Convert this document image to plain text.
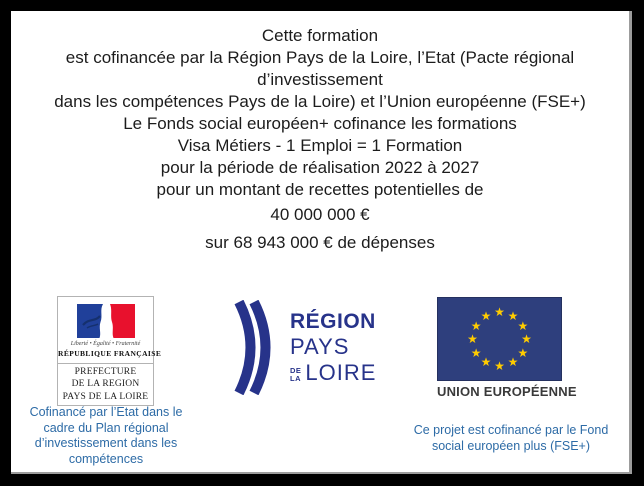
Cette formation
est cofinancée par la Région Pays de la Loire, l’Etat (Pacte régional d’investissement
dans les compétences Pays de la Loire) et l’Union européenne (FSE+)
Le Fonds social européen+ cofinance les formations
Visa Métiers - 1 Emploi = 1 Formation
pour la période de réalisation 2022 à 2027
pour un montant de recettes potentielles de
40 000 000 €
sur 68 943 000 € de dépenses
Liberté • Égalité • Fraternité
RÉPUBLIQUE FRANÇAISE
PREFECTURE
DE LA REGION
PAYS DE LA LOIRE
Cofinancé par l’Etat dans le cadre du Plan régional d’investissement dans les compétences
RÉGION
PAYS
DE
LA LOIRE
★ ★
★
★
★
★
★
★
★
★
★
★
UNION EUROPÉENNE
Ce projet est cofinancé par le Fond social européen plus (FSE+)
